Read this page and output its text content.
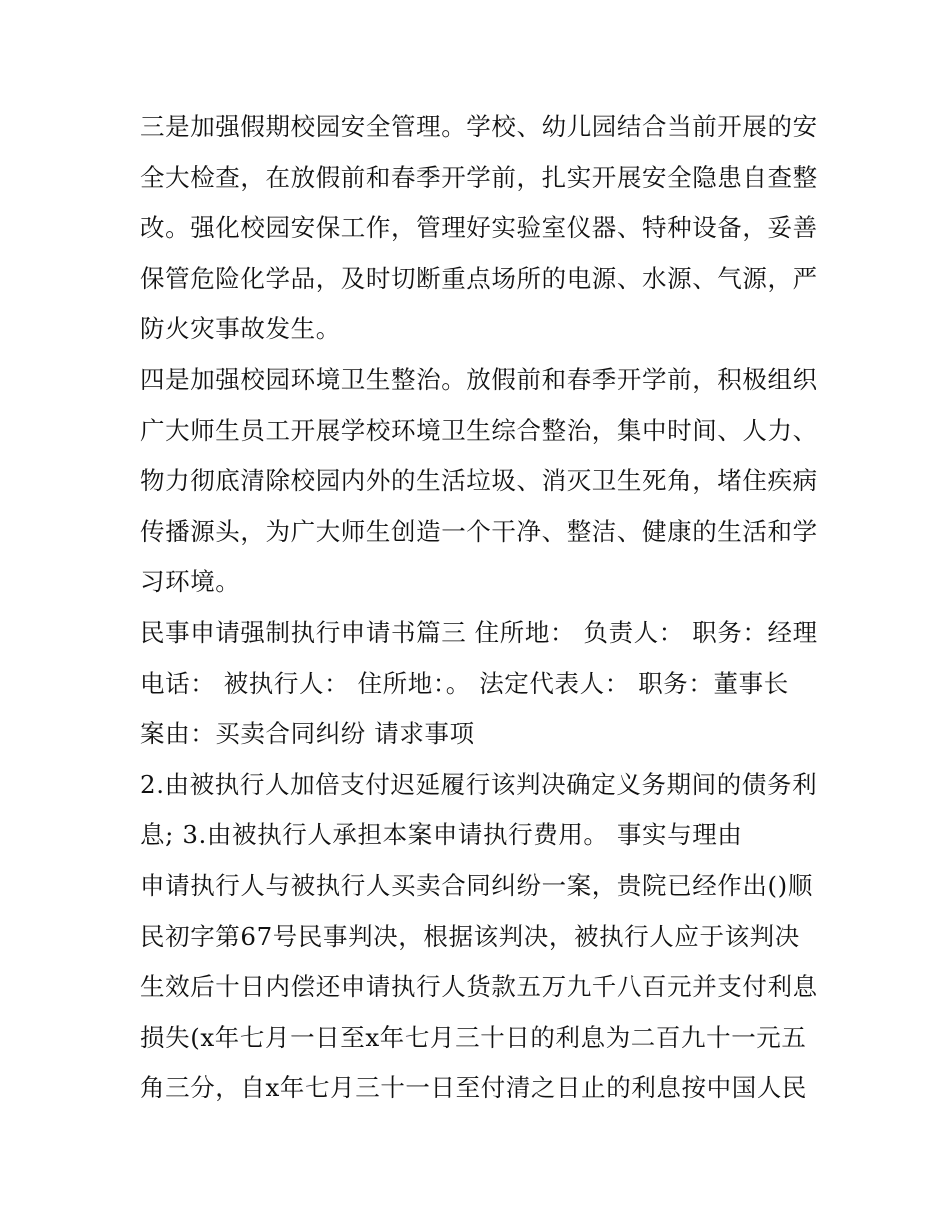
三是加强假期校园安全管理。学校、幼儿园结合当前开展的安
全大检查，在放假前和春季开学前，扎实开展安全隐患自查整
改。强化校园安保工作，管理好实验室仪器、特种设备，妥善
保管危险化学品，及时切断重点场所的电源、水源、气源，严
防火灾事故发生。
四是加强校园环境卫生整治。放假前和春季开学前，积极组织
广大师生员工开展学校环境卫生综合整治，集中时间、人力、
物力彻底清除校园内外的生活垃圾、消灭卫生死角，堵住疾病
传播源头，为广大师生创造一个干净、整洁、健康的生活和学
习环境。
民事申请强制执行申请书篇三 住所地： 负责人： 职务：经理
电话： 被执行人： 住所地：。 法定代表人： 职务：董事长
案由：买卖合同纠纷 请求事项
2.由被执行人加倍支付迟延履行该判决确定义务期间的债务利
息; 3.由被执行人承担本案申请执行费用。 事实与理由
申请执行人与被执行人买卖合同纠纷一案，贵院已经作出()顺
民初字第67号民事判决，根据该判决，被执行人应于该判决
生效后十日内偿还申请执行人货款五万九千八百元并支付利息
损失(x年七月一日至x年七月三十日的利息为二百九十一元五
角三分，自x年七月三十一日至付清之日止的利息按中国人民
